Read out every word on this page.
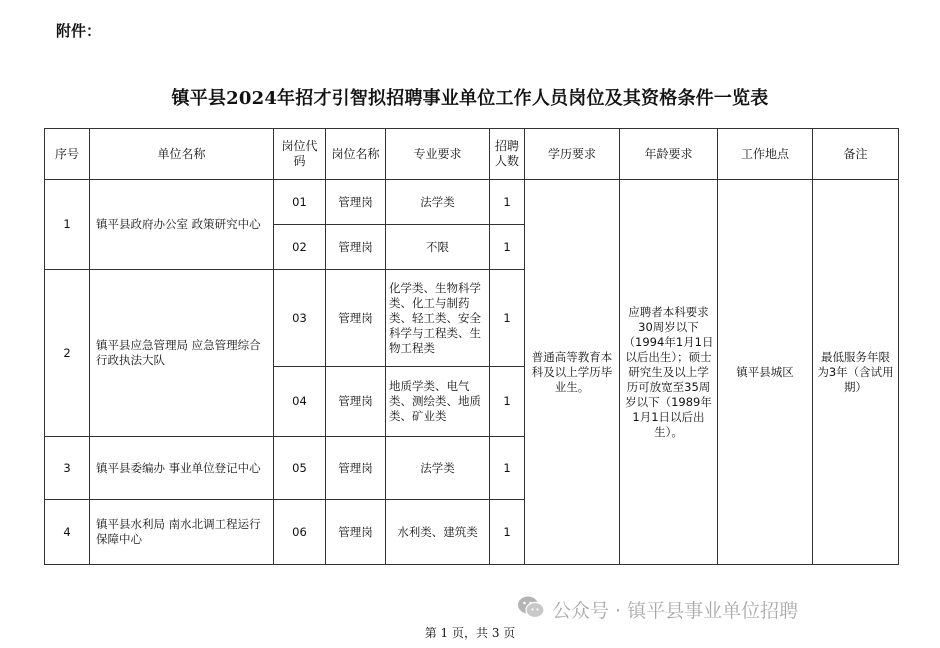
附件：
镇平县2024年招才引智拟招聘事业单位工作人员岗位及其资格条件一览表
序号	单位名称	岗位代码	岗位名称	专业要求	招聘人数	学历要求	年龄要求	工作地点	备注
1	镇平县政府办公室 政策研究中心	01	管理岗	法学类	1	普通高等教育本科及以上学历毕业生。	应聘者本科要求30周岁以下（1994年1月1日以后出生）；硕士研究生及以上学历可放宽至35周岁以下（1989年1月1日以后出生）。	镇平县城区	最低服务年限为3年（含试用期）
		02	管理岗	不限	1				
2	镇平县应急管理局 应急管理综合行政执法大队	03	管理岗	化学类、生物科学类、化工与制药类、轻工类、安全科学与工程类、生物工程类	1				
		04	管理岗	地质学类、电气类、测绘类、地质类、矿业类	1				
3	镇平县委编办 事业单位登记中心	05	管理岗	法学类	1				
4	镇平县水利局 南水北调工程运行保障中心	06	管理岗	水利类、建筑类	1				
公众号 · 镇平县事业单位招聘
第 1 页，共 3 页
